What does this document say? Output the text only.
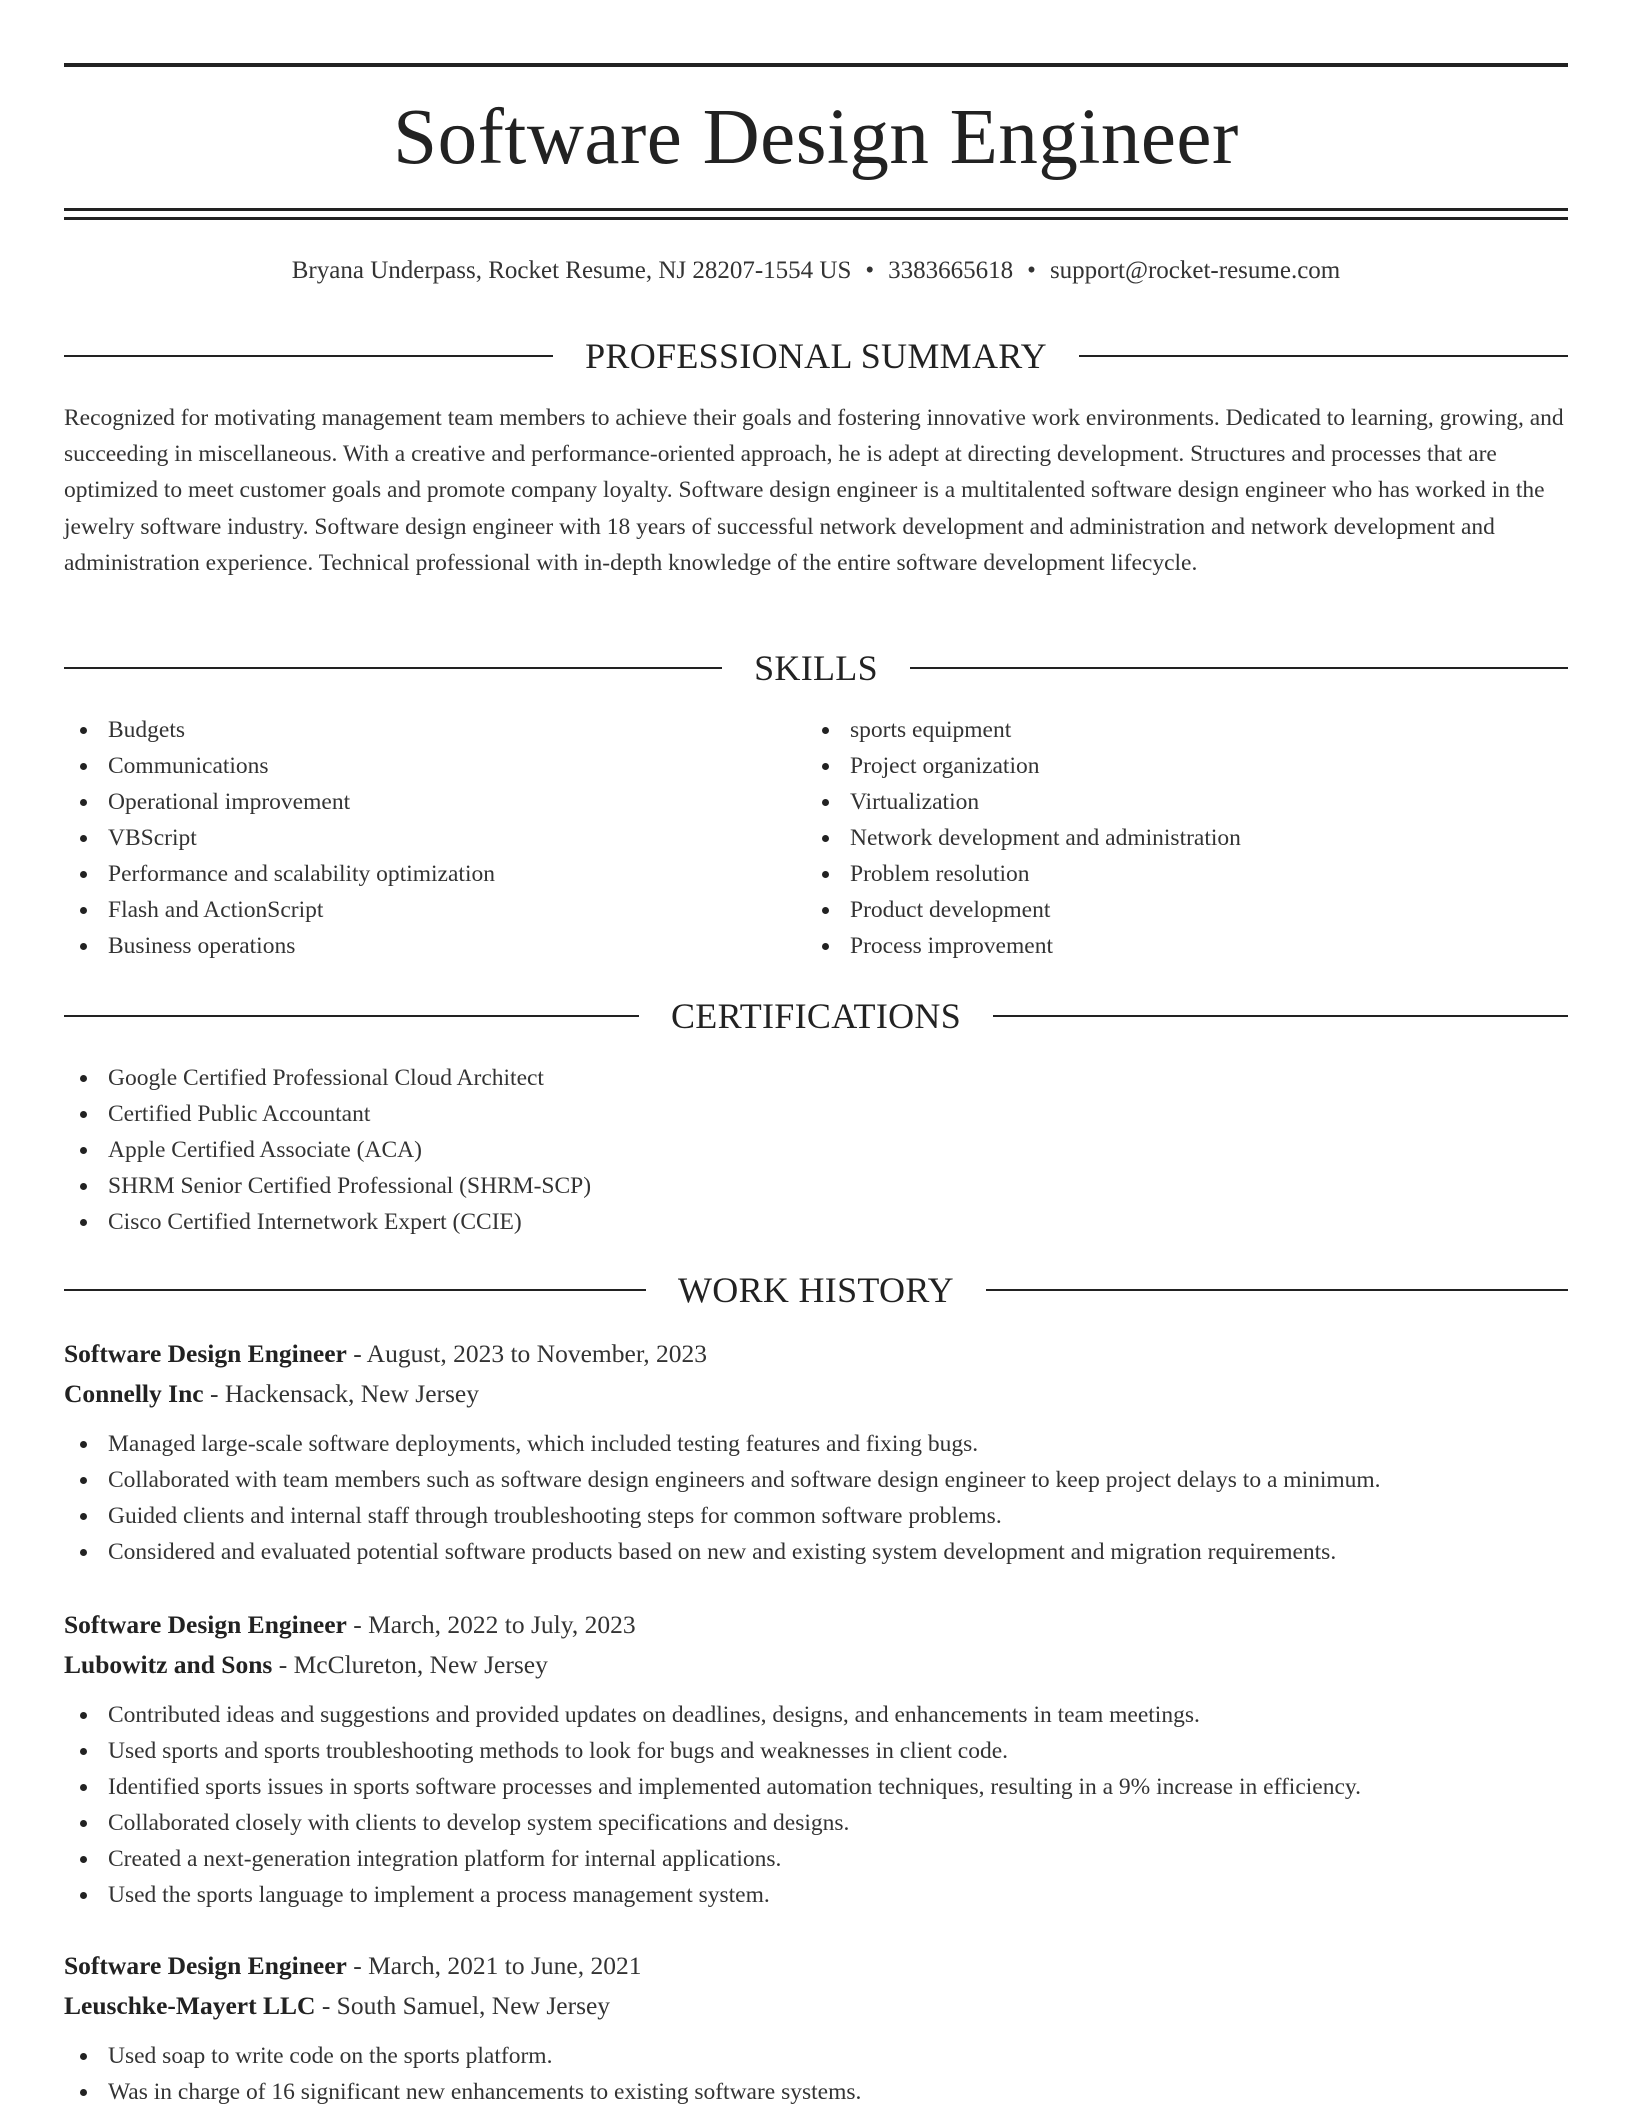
Software Design Engineer
Bryana Underpass, Rocket Resume, NJ 28207-1554 US • 3383665618 • support@rocket-resume.com
PROFESSIONAL SUMMARY

Recognized for motivating management team members to achieve their goals and fostering innovative work environments. Dedicated to learning, growing, and succeeding in miscellaneous. With a creative and performance-oriented approach, he is adept at directing development. Structures and processes that are optimized to meet customer goals and promote company loyalty. Software design engineer is a multitalented software design engineer who has worked in the jewelry software industry. Software design engineer with 18 years of successful network development and administration and network development and administration experience. Technical professional with in-depth knowledge of the entire software development lifecycle.

SKILLS
Budgets
Communications
Operational improvement
VBScript
Performance and scalability optimization
Flash and ActionScript
Business operations
sports equipment
Project organization
Virtualization
Network development and administration
Problem resolution
Product development
Process improvement
CERTIFICATIONS
Google Certified Professional Cloud Architect
Certified Public Accountant
Apple Certified Associate (ACA)
SHRM Senior Certified Professional (SHRM-SCP)
Cisco Certified Internetwork Expert (CCIE)
WORK HISTORY
Software Design Engineer - August, 2023 to November, 2023
Connelly Inc - Hackensack, New Jersey
Managed large-scale software deployments, which included testing features and fixing bugs.
Collaborated with team members such as software design engineers and software design engineer to keep project delays to a minimum.
Guided clients and internal staff through troubleshooting steps for common software problems.
Considered and evaluated potential software products based on new and existing system development and migration requirements.
Software Design Engineer - March, 2022 to July, 2023
Lubowitz and Sons - McClureton, New Jersey
Contributed ideas and suggestions and provided updates on deadlines, designs, and enhancements in team meetings.
Used sports and sports troubleshooting methods to look for bugs and weaknesses in client code.
Identified sports issues in sports software processes and implemented automation techniques, resulting in a 9% increase in efficiency.
Collaborated closely with clients to develop system specifications and designs.
Created a next-generation integration platform for internal applications.
Used the sports language to implement a process management system.
Software Design Engineer - March, 2021 to June, 2021
Leuschke-Mayert LLC - South Samuel, New Jersey
Used soap to write code on the sports platform.
Was in charge of 16 significant new enhancements to existing software systems.
